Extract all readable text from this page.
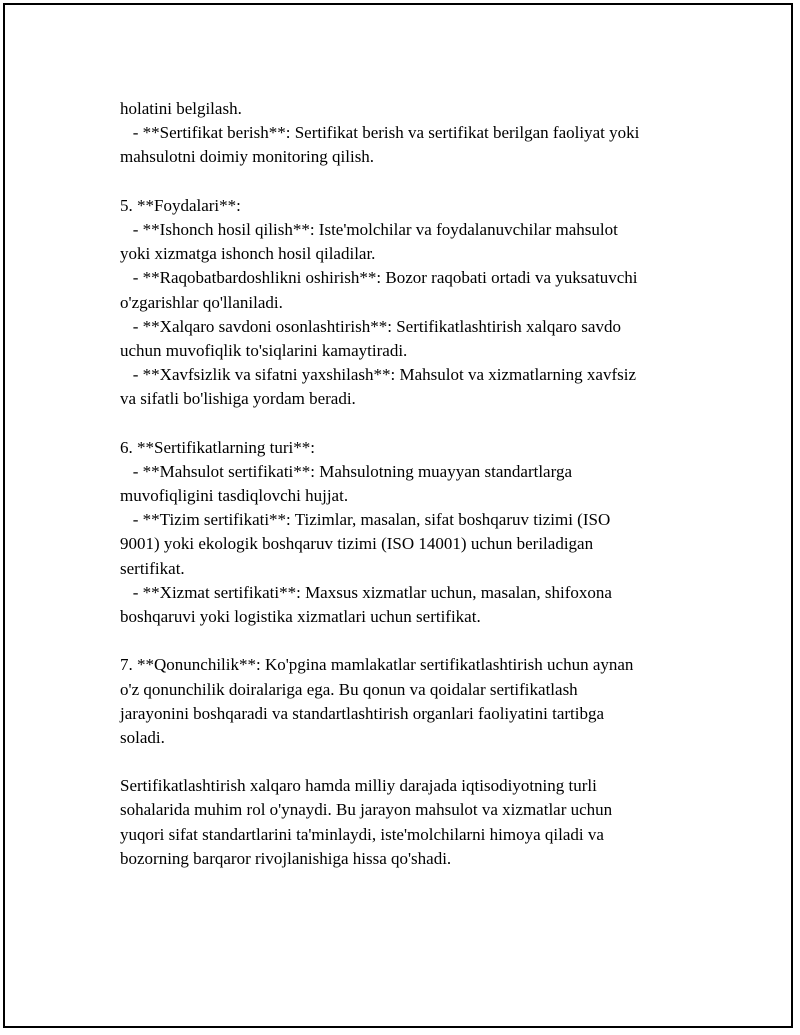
holatini belgilash.
- **Sertifikat berish**: Sertifikat berish va sertifikat berilgan faoliyat yoki
mahsulotni doimiy monitoring qilish.
5. **Foydalari**:
- **Ishonch hosil qilish**: Iste'molchilar va foydalanuvchilar mahsulot
yoki xizmatga ishonch hosil qiladilar.
- **Raqobatbardoshlikni oshirish**: Bozor raqobati ortadi va yuksatuvchi
o'zgarishlar qo'llaniladi.
- **Xalqaro savdoni osonlashtirish**: Sertifikatlashtirish xalqaro savdo
uchun muvofiqlik to'siqlarini kamaytiradi.
- **Xavfsizlik va sifatni yaxshilash**: Mahsulot va xizmatlarning xavfsiz
va sifatli bo'lishiga yordam beradi.
6. **Sertifikatlarning turi**:
- **Mahsulot sertifikati**: Mahsulotning muayyan standartlarga
muvofiqligini tasdiqlovchi hujjat.
- **Tizim sertifikati**: Tizimlar, masalan, sifat boshqaruv tizimi (ISO
9001) yoki ekologik boshqaruv tizimi (ISO 14001) uchun beriladigan
sertifikat.
- **Xizmat sertifikati**: Maxsus xizmatlar uchun, masalan, shifoxona
boshqaruvi yoki logistika xizmatlari uchun sertifikat.
7. **Qonunchilik**: Ko'pgina mamlakatlar sertifikatlashtirish uchun aynan
o'z qonunchilik doiralariga ega. Bu qonun va qoidalar sertifikatlash
jarayonini boshqaradi va standartlashtirish organlari faoliyatini tartibga
soladi.
Sertifikatlashtirish xalqaro hamda milliy darajada iqtisodiyotning turli
sohalarida muhim rol o'ynaydi. Bu jarayon mahsulot va xizmatlar uchun
yuqori sifat standartlarini ta'minlaydi, iste'molchilarni himoya qiladi va
bozorning barqaror rivojlanishiga hissa qo'shadi.
